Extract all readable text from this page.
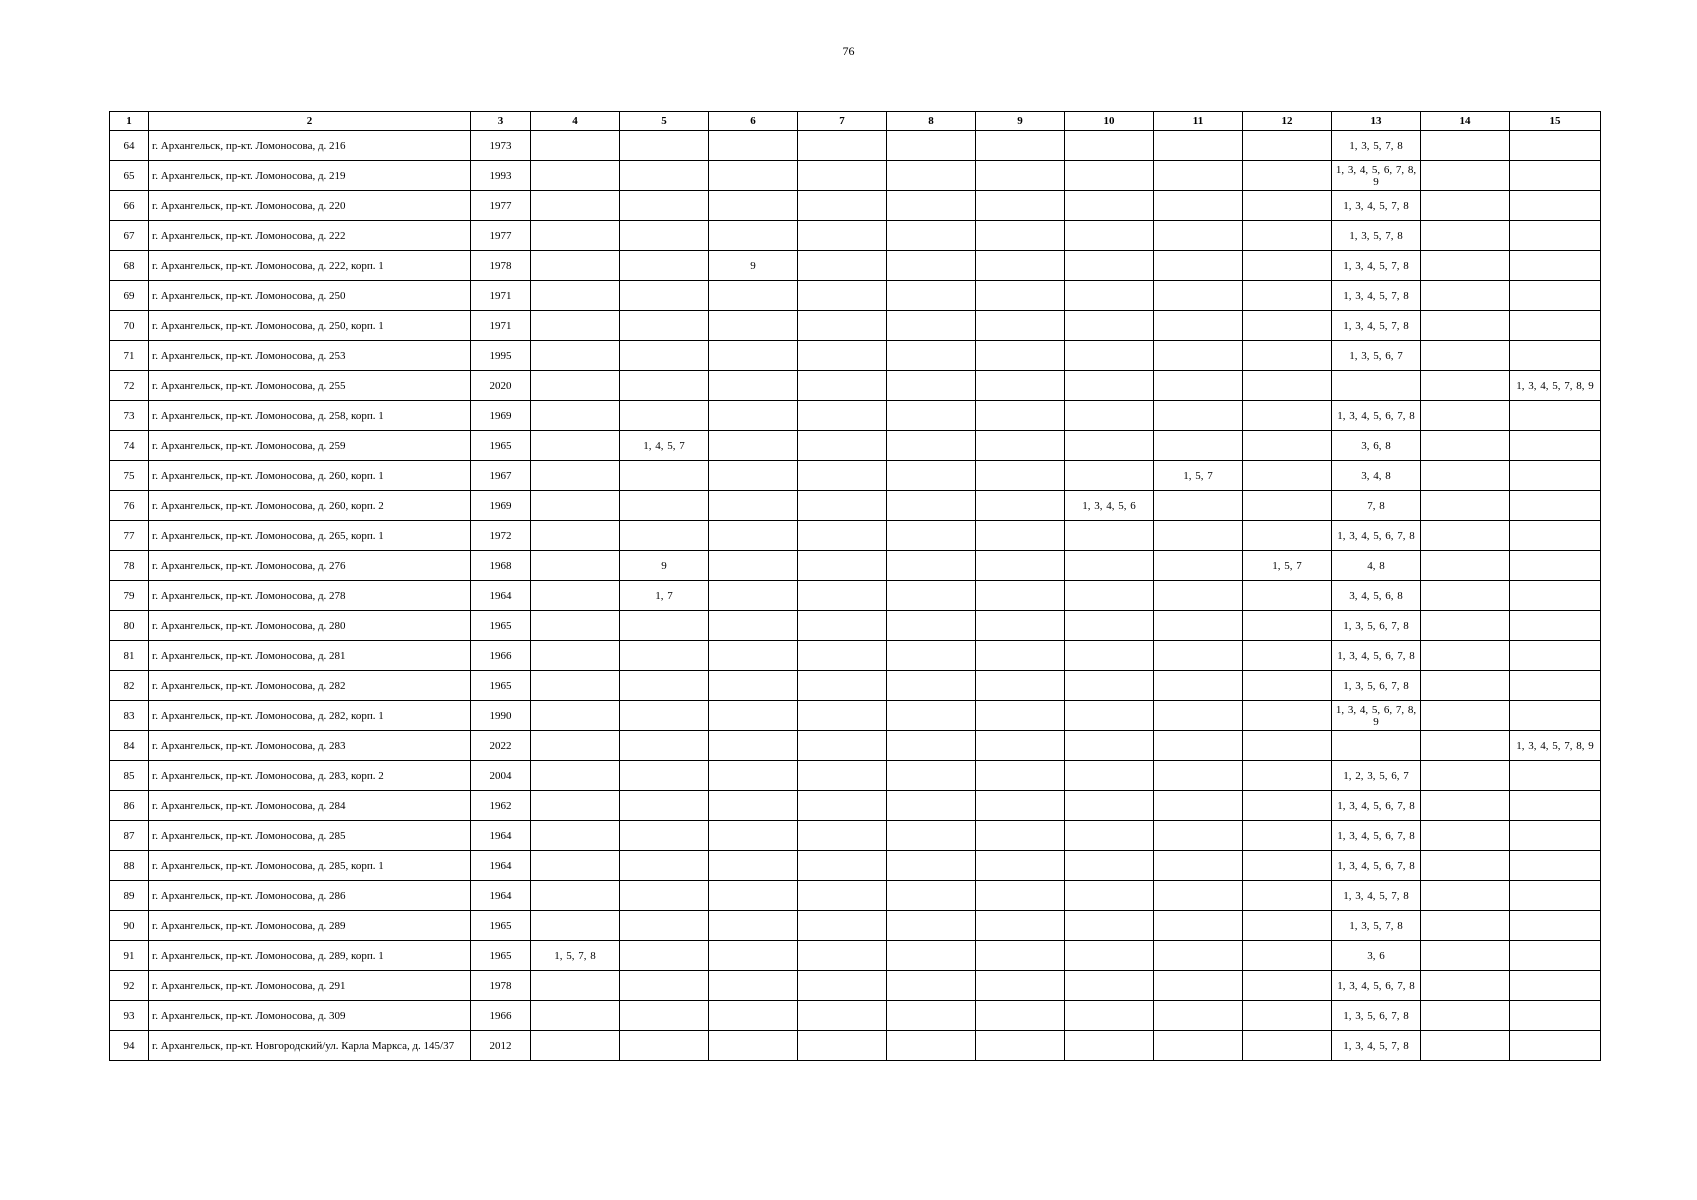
76
1	2	3	4	5	6	7	8	9	10	11	12	13	14	15
64	г. Архангельск, пр-кт. Ломоносова, д. 216	1973										1, 3, 5, 7, 8		
65	г. Архангельск, пр-кт. Ломоносова, д. 219	1993										1, 3, 4, 5, 6, 7, 8, 9		
66	г. Архангельск, пр-кт. Ломоносова, д. 220	1977										1, 3, 4, 5, 7, 8		
67	г. Архангельск, пр-кт. Ломоносова, д. 222	1977										1, 3, 5, 7, 8		
68	г. Архангельск, пр-кт. Ломоносова, д. 222, корп. 1	1978			9							1, 3, 4, 5, 7, 8		
69	г. Архангельск, пр-кт. Ломоносова, д. 250	1971										1, 3, 4, 5, 7, 8		
70	г. Архангельск, пр-кт. Ломоносова, д. 250, корп. 1	1971										1, 3, 4, 5, 7, 8		
71	г. Архангельск, пр-кт. Ломоносова, д. 253	1995										1, 3, 5, 6, 7		
72	г. Архангельск, пр-кт. Ломоносова, д. 255	2020												1, 3, 4, 5, 7, 8, 9
73	г. Архангельск, пр-кт. Ломоносова, д. 258, корп. 1	1969										1, 3, 4, 5, 6, 7, 8		
74	г. Архангельск, пр-кт. Ломоносова, д. 259	1965		1, 4, 5, 7								3, 6, 8		
75	г. Архангельск, пр-кт. Ломоносова, д. 260, корп. 1	1967								1, 5, 7		3, 4, 8		
76	г. Архангельск, пр-кт. Ломоносова, д. 260, корп. 2	1969							1, 3, 4, 5, 6			7, 8		
77	г. Архангельск, пр-кт. Ломоносова, д. 265, корп. 1	1972										1, 3, 4, 5, 6, 7, 8		
78	г. Архангельск, пр-кт. Ломоносова, д. 276	1968		9							1, 5, 7	4, 8		
79	г. Архангельск, пр-кт. Ломоносова, д. 278	1964		1, 7								3, 4, 5, 6, 8		
80	г. Архангельск, пр-кт. Ломоносова, д. 280	1965										1, 3, 5, 6, 7, 8		
81	г. Архангельск, пр-кт. Ломоносова, д. 281	1966										1, 3, 4, 5, 6, 7, 8		
82	г. Архангельск, пр-кт. Ломоносова, д. 282	1965										1, 3, 5, 6, 7, 8		
83	г. Архангельск, пр-кт. Ломоносова, д. 282, корп. 1	1990										1, 3, 4, 5, 6, 7, 8, 9		
84	г. Архангельск, пр-кт. Ломоносова, д. 283	2022												1, 3, 4, 5, 7, 8, 9
85	г. Архангельск, пр-кт. Ломоносова, д. 283, корп. 2	2004										1, 2, 3, 5, 6, 7		
86	г. Архангельск, пр-кт. Ломоносова, д. 284	1962										1, 3, 4, 5, 6, 7, 8		
87	г. Архангельск, пр-кт. Ломоносова, д. 285	1964										1, 3, 4, 5, 6, 7, 8		
88	г. Архангельск, пр-кт. Ломоносова, д. 285, корп. 1	1964										1, 3, 4, 5, 6, 7, 8		
89	г. Архангельск, пр-кт. Ломоносова, д. 286	1964										1, 3, 4, 5, 7, 8		
90	г. Архангельск, пр-кт. Ломоносова, д. 289	1965										1, 3, 5, 7, 8		
91	г. Архангельск, пр-кт. Ломоносова, д. 289, корп. 1	1965	1, 5, 7, 8									3, 6		
92	г. Архангельск, пр-кт. Ломоносова, д. 291	1978										1, 3, 4, 5, 6, 7, 8		
93	г. Архангельск, пр-кт. Ломоносова, д. 309	1966										1, 3, 5, 6, 7, 8		
94	г. Архангельск, пр-кт. Новгородский/ул. Карла Маркса, д. 145/37	2012										1, 3, 4, 5, 7, 8		
